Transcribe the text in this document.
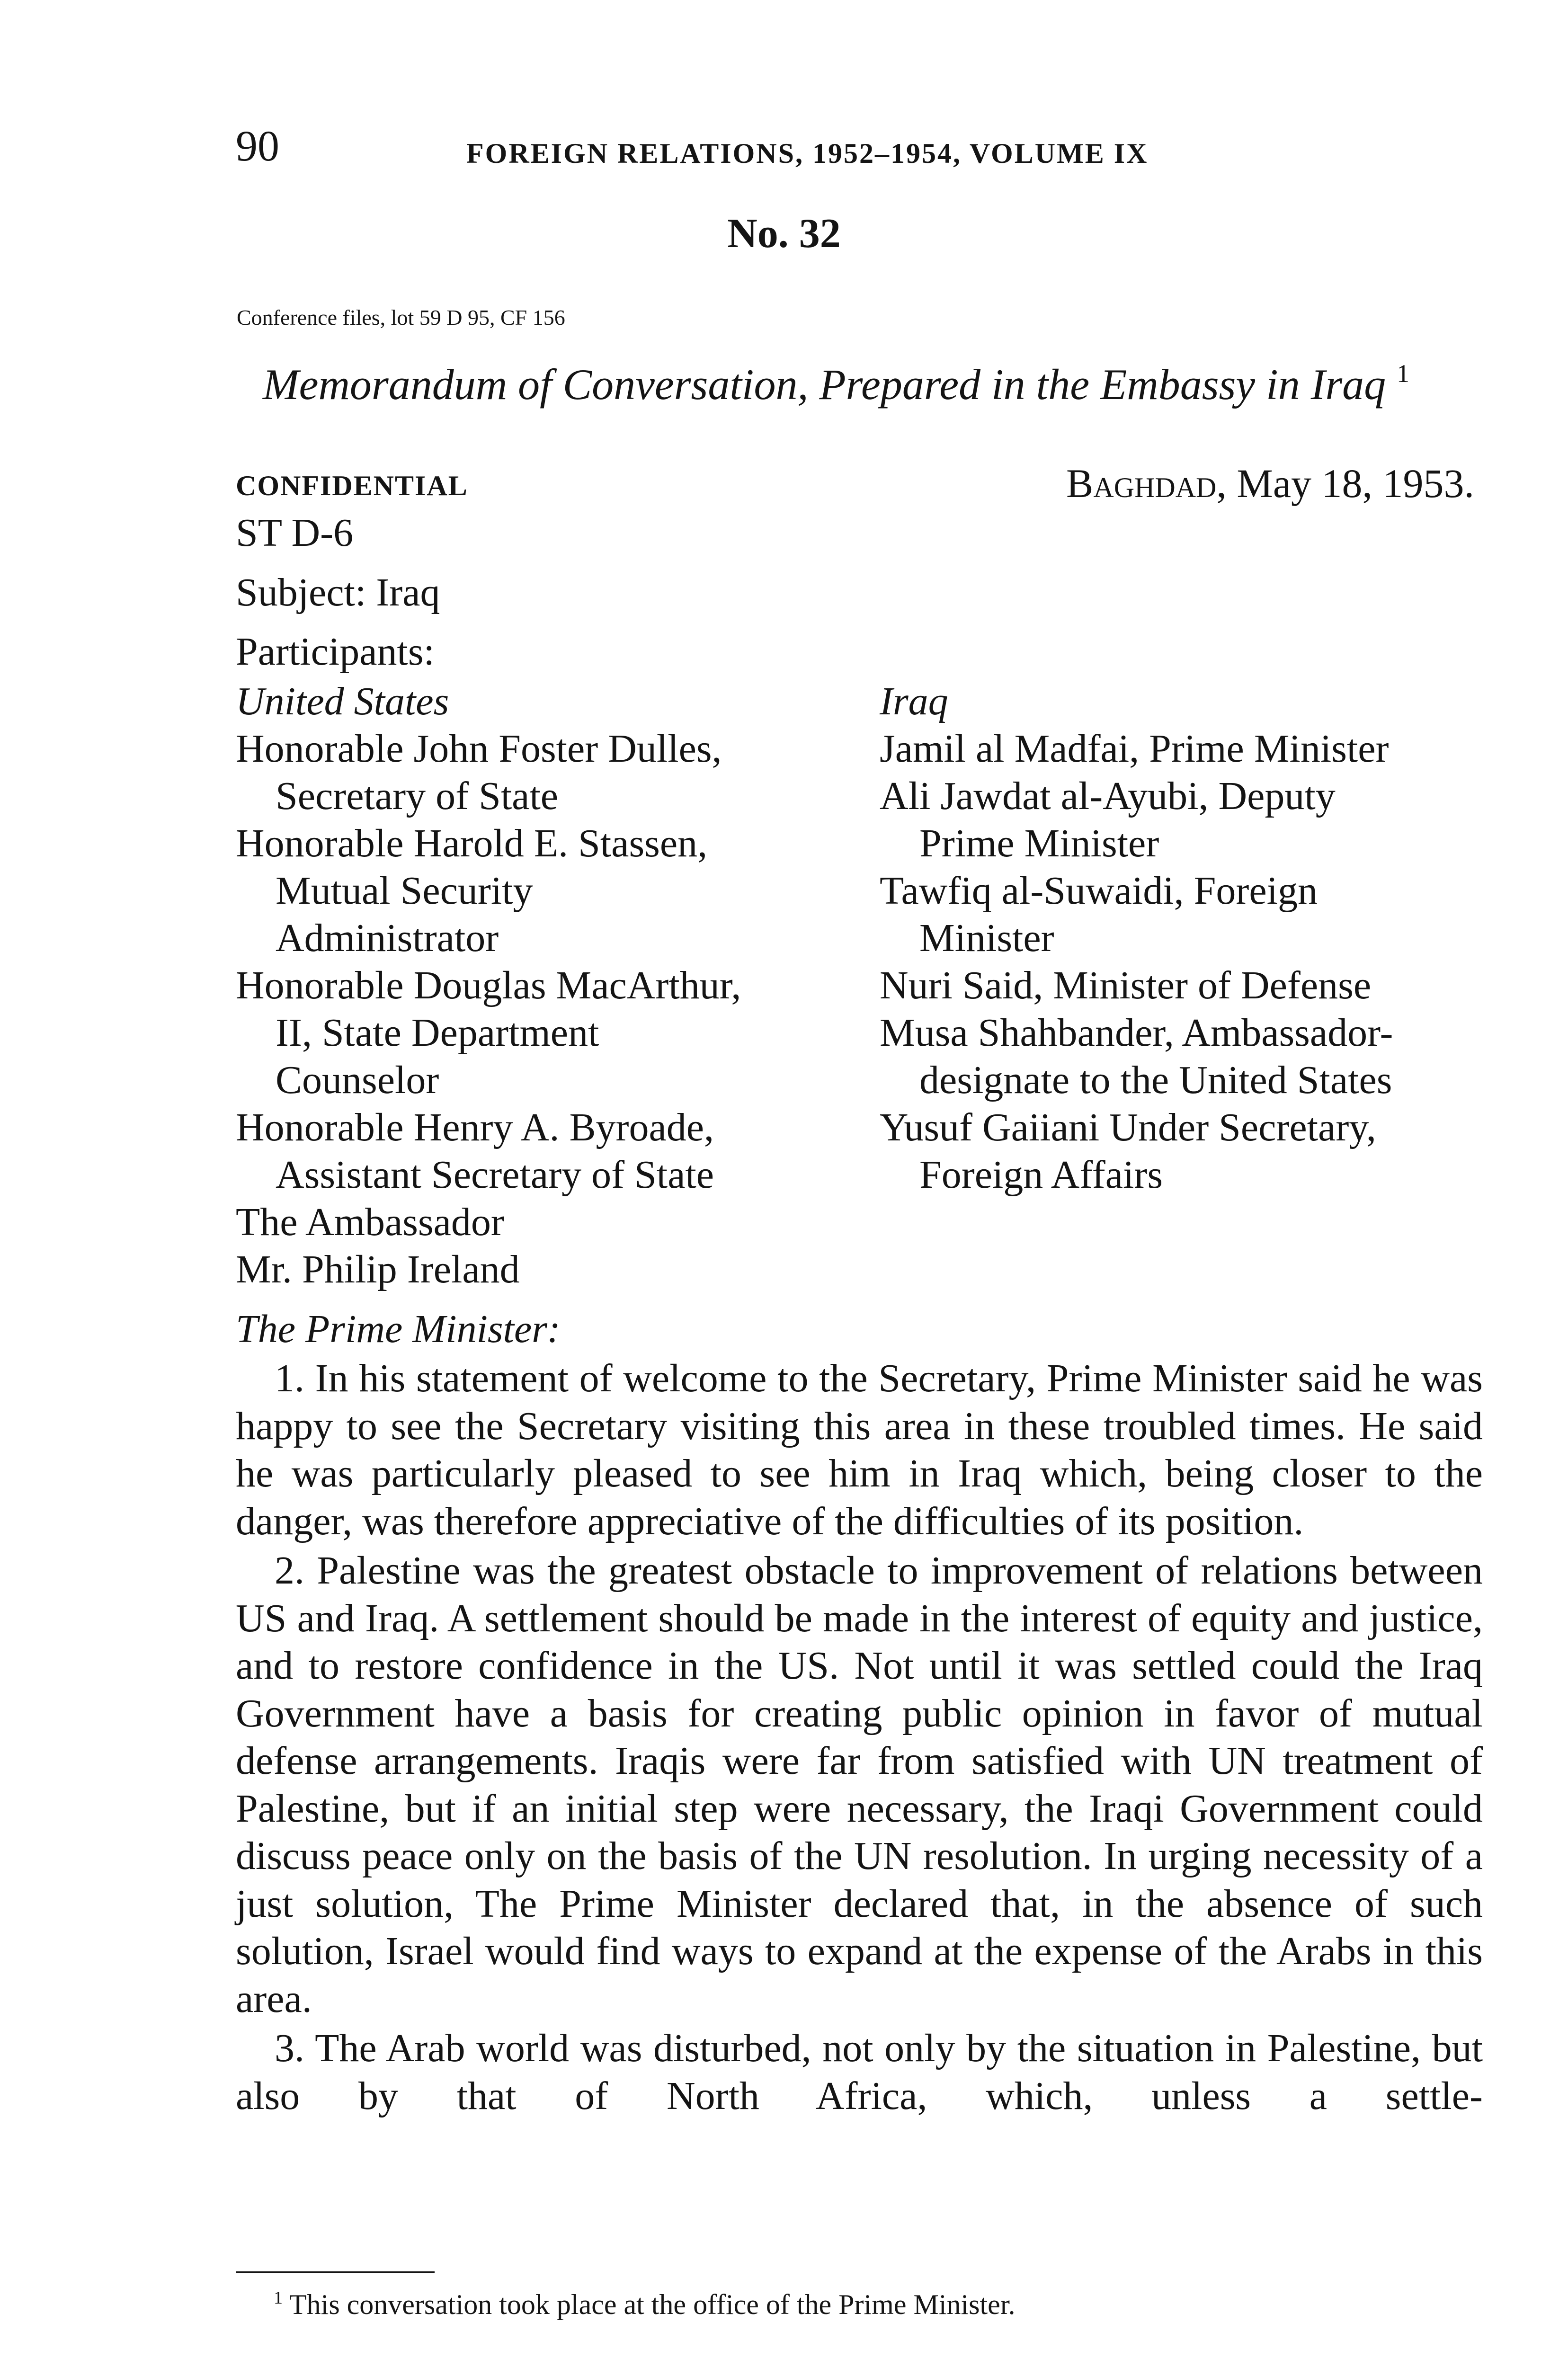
90	FOREIGN RELATIONS, 1952–1954, VOLUME IX
No. 32
Conference files, lot 59 D 95, CF 156
Memorandum of Conversation, Prepared in the Embassy in Iraq $^1$
CONFIDENTIAL	Baghdad, May 18, 1953.
ST D-6
Subject: Iraq
Participants:
United States
Honorable John Foster Dulles,
Secretary of State
Honorable Harold E. Stassen,
Mutual Security
Administrator
Honorable Douglas MacArthur,
II, State Department
Counselor
Honorable Henry A. Byroade,
Assistant Secretary of State
The Ambassador
Mr. Philip Ireland
Iraq
Jamil al Madfai, Prime Minister
Ali Jawdat al-Ayubi, Deputy
Prime Minister
Tawfiq al-Suwaidi, Foreign
Minister
Nuri Said, Minister of Defense
Musa Shahbander, Ambassador-
designate to the United States
Yusuf Gaiiani Under Secretary,
Foreign Affairs
The Prime Minister:

1. In his statement of welcome to the Secretary, Prime Minister said he was happy to see the Secretary visiting this area in these troubled times. He said he was particularly pleased to see him in Iraq which, being closer to the danger, was therefore appreciative of the difficulties of its position.

2. Palestine was the greatest obstacle to improvement of relations between US and Iraq. A settlement should be made in the interest of equity and justice, and to restore confidence in the US. Not until it was settled could the Iraq Government have a basis for creating public opinion in favor of mutual defense arrangements. Iraqis were far from satisfied with UN treatment of Palestine, but if an initial step were necessary, the Iraqi Government could discuss peace only on the basis of the UN resolution. In urging necessity of a just solution, The Prime Minister declared that, in the absence of such solution, Israel would find ways to expand at the expense of the Arabs in this area.

3. The Arab world was disturbed, not only by the situation in Palestine, but also by that of North Africa, which, unless a settle-

$^1$ This conversation took place at the office of the Prime Minister.
